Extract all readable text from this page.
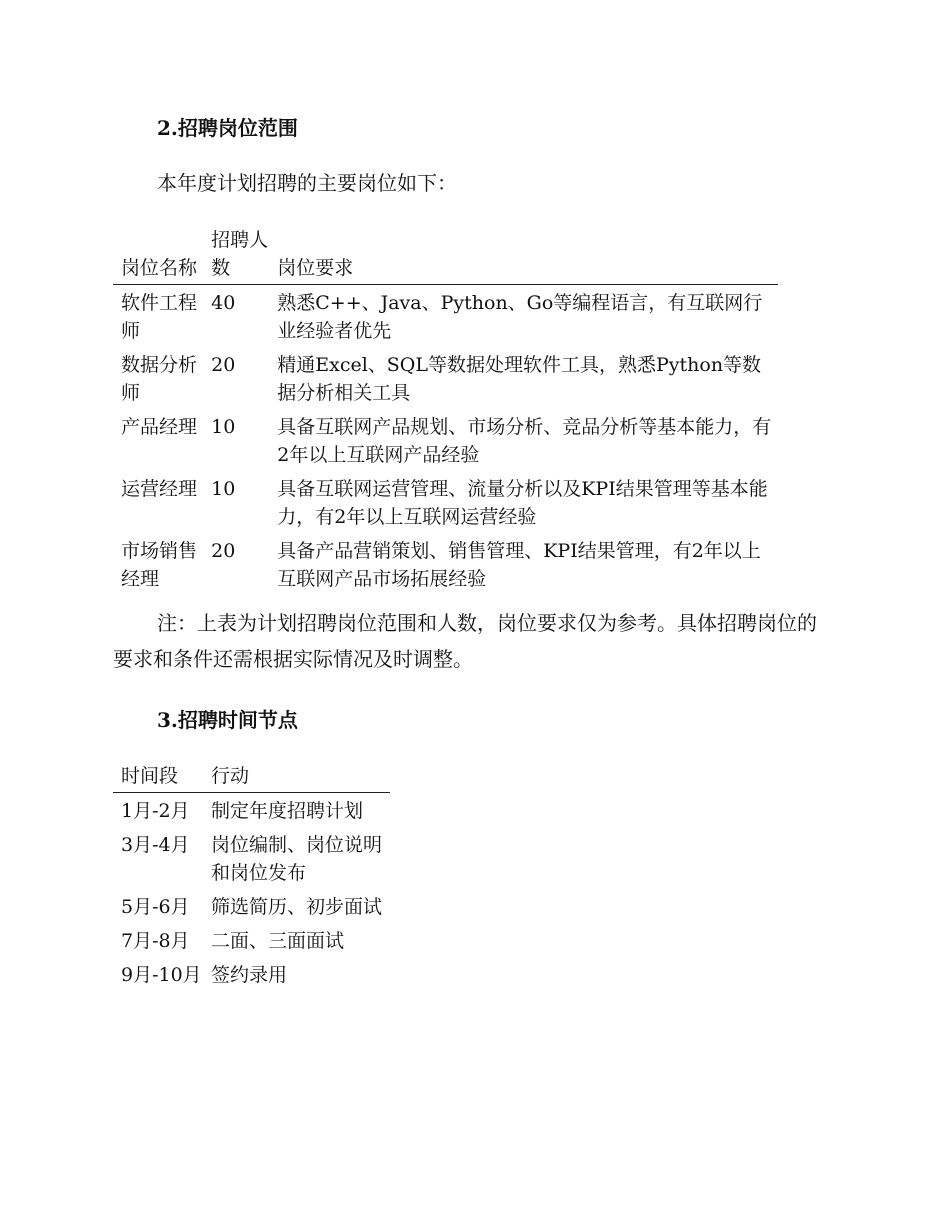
2.招聘岗位范围
本年度计划招聘的主要岗位如下：
岗位名称	招聘人数	岗位要求
软件工程师	40	熟悉C++、Java、Python、Go等编程语言，有互联网行业经验者优先
数据分析师	20	精通Excel、SQL等数据处理软件工具，熟悉Python等数据分析相关工具
产品经理	10	具备互联网产品规划、市场分析、竞品分析等基本能力，有2年以上互联网产品经验
运营经理	10	具备互联网运营管理、流量分析以及KPI结果管理等基本能力，有2年以上互联网运营经验
市场销售经理	20	具备产品营销策划、销售管理、KPI结果管理，有2年以上互联网产品市场拓展经验
注：上表为计划招聘岗位范围和人数，岗位要求仅为参考。具体招聘岗位的要求和条件还需根据实际情况及时调整。
3.招聘时间节点
时间段	行动
1月-2月	制定年度招聘计划
3月-4月	岗位编制、岗位说明和岗位发布
5月-6月	筛选简历、初步面试
7月-8月	二面、三面面试
9月-10月	签约录用
